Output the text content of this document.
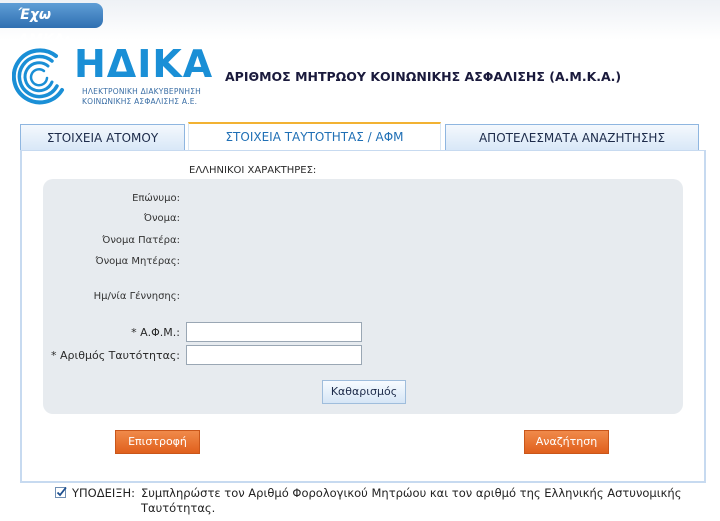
Έχω ΑΜΚΑ;
ΗΔΙΚΑ
ΗΛΕΚΤΡΟΝΙΚΗ ΔΙΑΚΥΒΕΡΝΗΣΗ
ΚΟΙΝΩΝΙΚΗΣ ΑΣΦΑΛΙΣΗΣ Α.Ε.
ΑΡΙΘΜΟΣ ΜΗΤΡΩΟΥ ΚΟΙΝΩΝΙΚΗΣ ΑΣΦΑΛΙΣΗΣ (Α.Μ.Κ.Α.)
ΣΤΟΙΧΕΙΑ ΑΤΟΜΟΥ	ΣΤΟΙΧΕΙΑ ΤΑΥΤΟΤΗΤΑΣ / ΑΦΜ	ΑΠΟΤΕΛΕΣΜΑΤΑ ΑΝΑΖΗΤΗΣΗΣ
ΕΛΛΗΝΙΚΟΙ ΧΑΡΑΚΤΗΡΕΣ:
Επώνυμο:
Όνομα:
Όνομα Πατέρα:
Όνομα Μητέρας:
Ημ/νία Γέννησης:
* Α.Φ.Μ.:
* Αριθμός Ταυτότητας:
Καθαρισμός
Επιστροφή	Αναζήτηση
ΥΠΟΔΕΙΞΗ: Συμπληρώστε τον Αριθμό Φορολογικού Μητρώου και τον αριθμό της Ελληνικής Αστυνομικής Ταυτότητας.
